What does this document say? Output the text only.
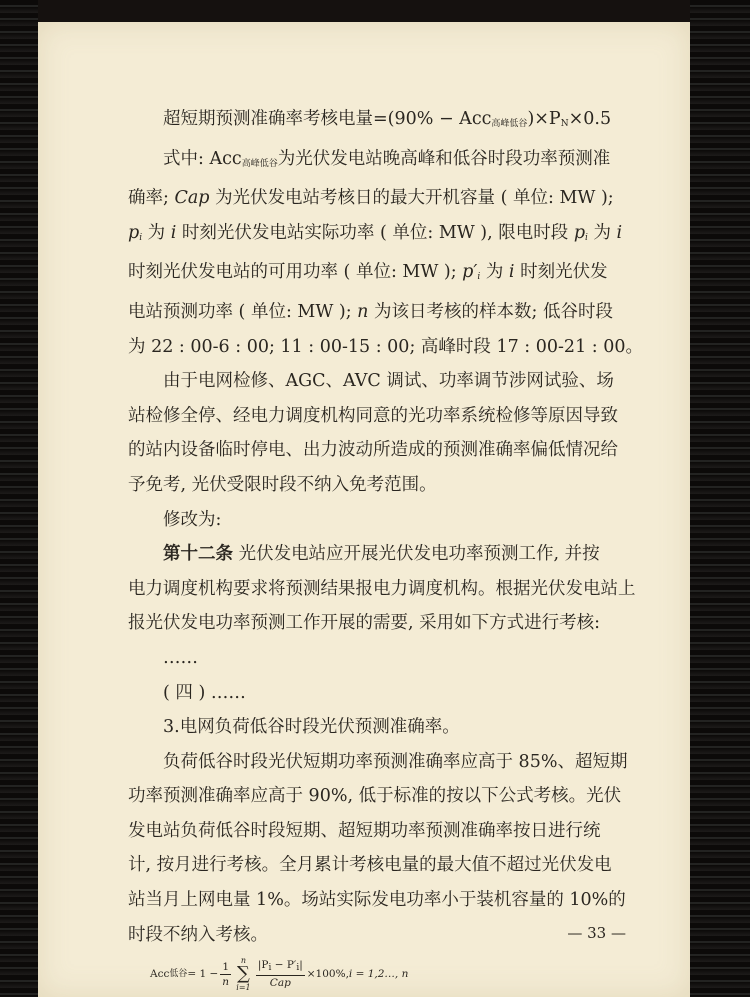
超短期预测准确率考核电量$=(90\% - Acc_{高峰低谷})\times P_N\times 0.5$

式中: Acc$_{高峰低谷}$为光伏发电站晚高峰和低谷时段功率预测准

确率; Cap 为光伏发电站考核日的最大开机容量 ( 单位: MW );
$p_i$ 为 i 时刻光伏发电站实际功率 ( 单位: MW ), 限电时段 $p_i$ 为 i
时刻光伏发电站的可用功率 ( 单位: MW ); $p'_i$ 为 i 时刻光伏发
电站预测功率 ( 单位: MW ); n 为该日考核的样本数; 低谷时段
为 22 : 00-6 : 00; 11 : 00-15 : 00; 高峰时段 17 : 00-21 : 00。

由于电网检修、AGC、AVC 调试、功率调节涉网试验、场

站检修全停、经电力调度机构同意的光功率系统检修等原因导致
的站内设备临时停电、出力波动所造成的预测准确率偏低情况给
予免考, 光伏受限时段不纳入免考范围。

修改为:

第十二条 光伏发电站应开展光伏发电功率预测工作, 并按

电力调度机构要求将预测结果报电力调度机构。根据光伏发电站上
报光伏发电功率预测工作开展的需要, 采用如下方式进行考核:

……

( 四 ) ……

3.电网负荷低谷时段光伏预测准确率。

负荷低谷时段光伏短期功率预测准确率应高于 85%、超短期

功率预测准确率应高于 90%, 低于标准的按以下公式考核。光伏
发电站负荷低谷时段短期、超短期功率预测准确率按日进行统
计, 按月进行考核。全月累计考核电量的最大值不超过光伏发电
站当月上网电量 1%。场站实际发电功率小于装机容量的 10%的
时段不纳入考核。

Acc 低谷 = $1 - \frac{1}{n}$ n
∑
$i=1 \frac{|Pi - P'i|}{\text{Cap}} \times 100\%$, i = 1,2…, n
— 33 —
